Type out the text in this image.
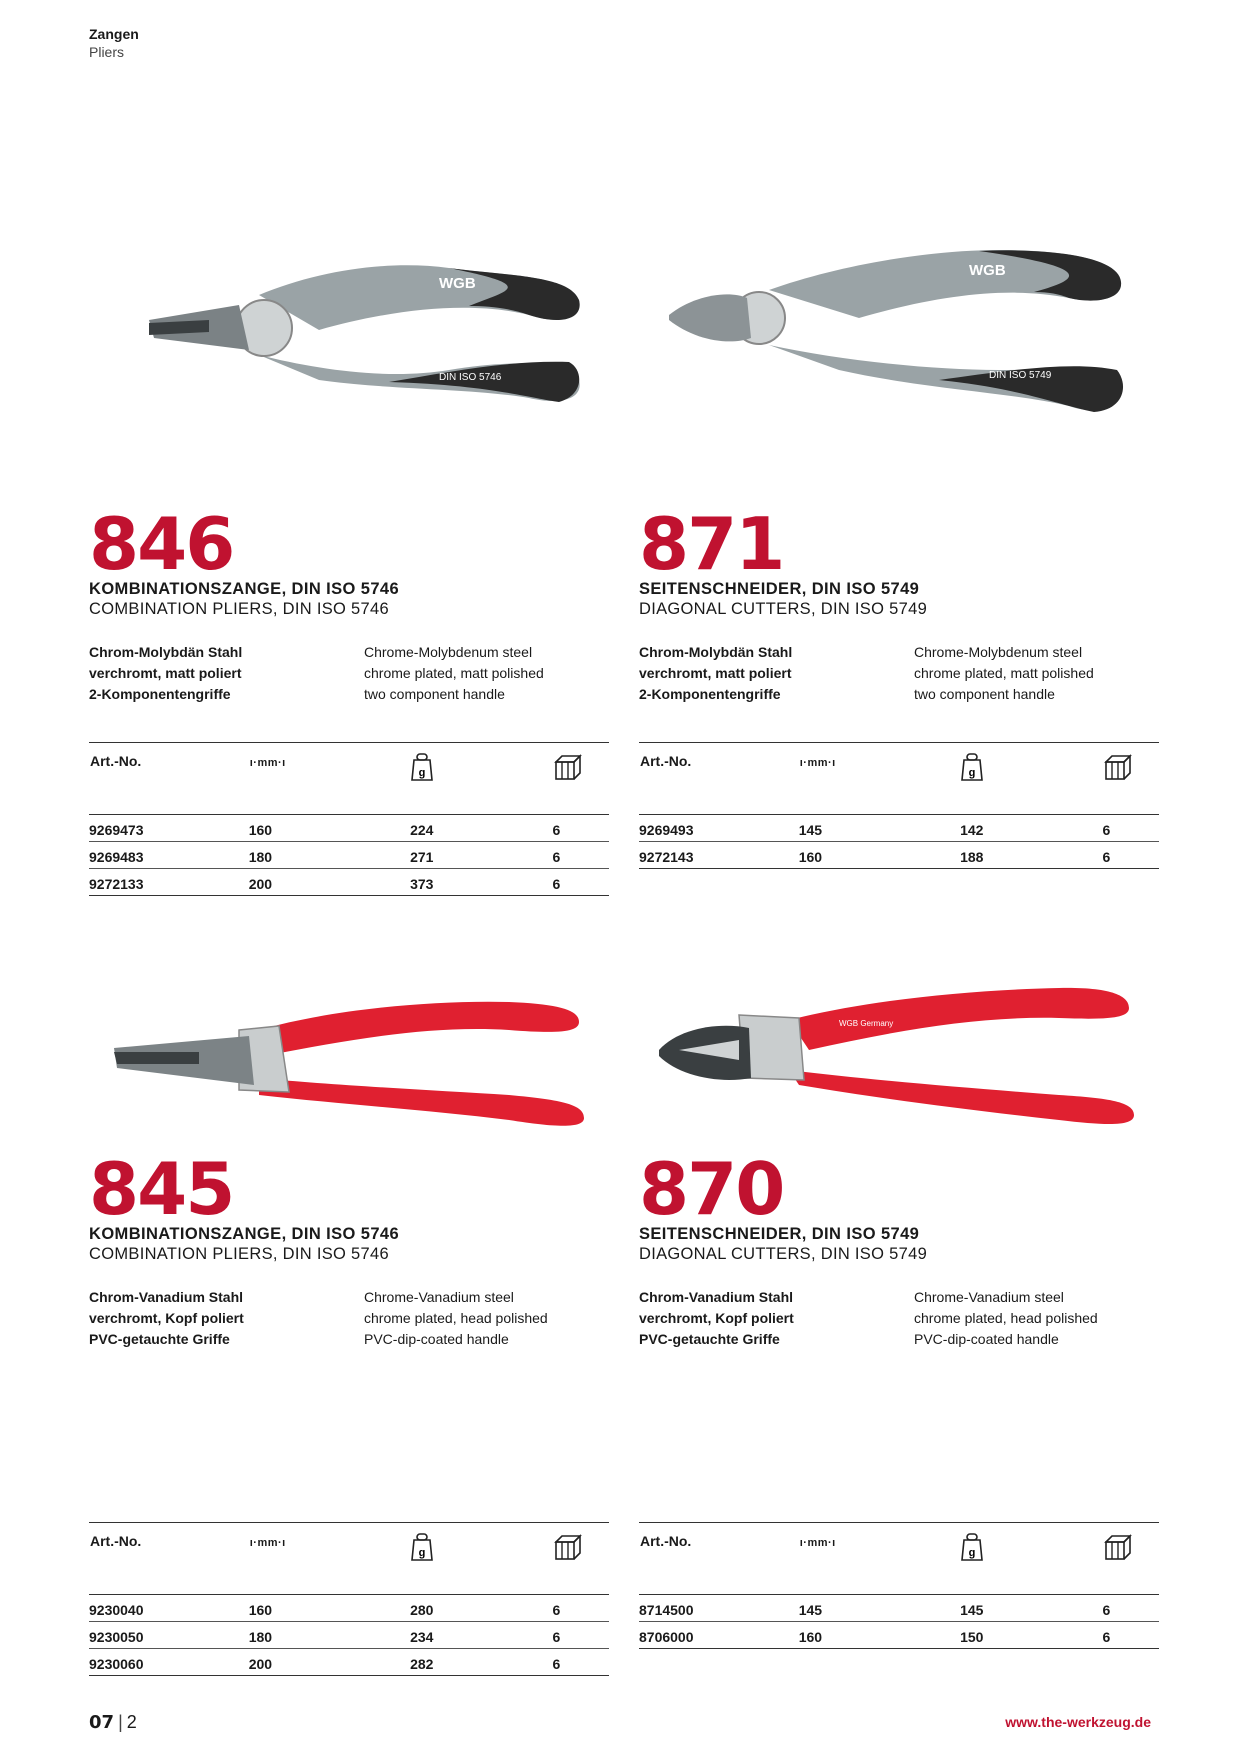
Zangen
Pliers
WGB
DIN ISO 5746
846
KOMBINATIONSZANGE, DIN ISO 5746
COMBINATION PLIERS, DIN ISO 5746
Chrom-Molybdän Stahl
verchromt, matt poliert
2-Komponentengriffe
Chrome-Molybdenum steel
chrome plated, matt polished
two component handle
Art.-No.	ı·mm·ı	g

9269473	160	224	6
9269483	180	271	6
9272133	200	373	6
WGB
DIN ISO 5749
871
SEITENSCHNEIDER, DIN ISO 5749
DIAGONAL CUTTERS, DIN ISO 5749
Chrom-Molybdän Stahl
verchromt, matt poliert
2-Komponentengriffe
Chrome-Molybdenum steel
chrome plated, matt polished
two component handle
Art.-No.	ı·mm·ı	g

9269493	145	142	6
9272143	160	188	6
845
KOMBINATIONSZANGE, DIN ISO 5746
COMBINATION PLIERS, DIN ISO 5746
Chrom-Vanadium Stahl
verchromt, Kopf poliert
PVC-getauchte Griffe
Chrome-Vanadium steel
chrome plated, head polished
PVC-dip-coated handle
Art.-No.	ı·mm·ı	g

9230040	160	280	6
9230050	180	234	6
9230060	200	282	6
WGB Germany
870
SEITENSCHNEIDER, DIN ISO 5749
DIAGONAL CUTTERS, DIN ISO 5749
Chrom-Vanadium Stahl
verchromt, Kopf poliert
PVC-getauchte Griffe
Chrome-Vanadium steel
chrome plated, head polished
PVC-dip-coated handle
Art.-No.	ı·mm·ı	g

8714500	145	145	6
8706000	160	150	6
07 | 2	www.the-werkzeug.de
